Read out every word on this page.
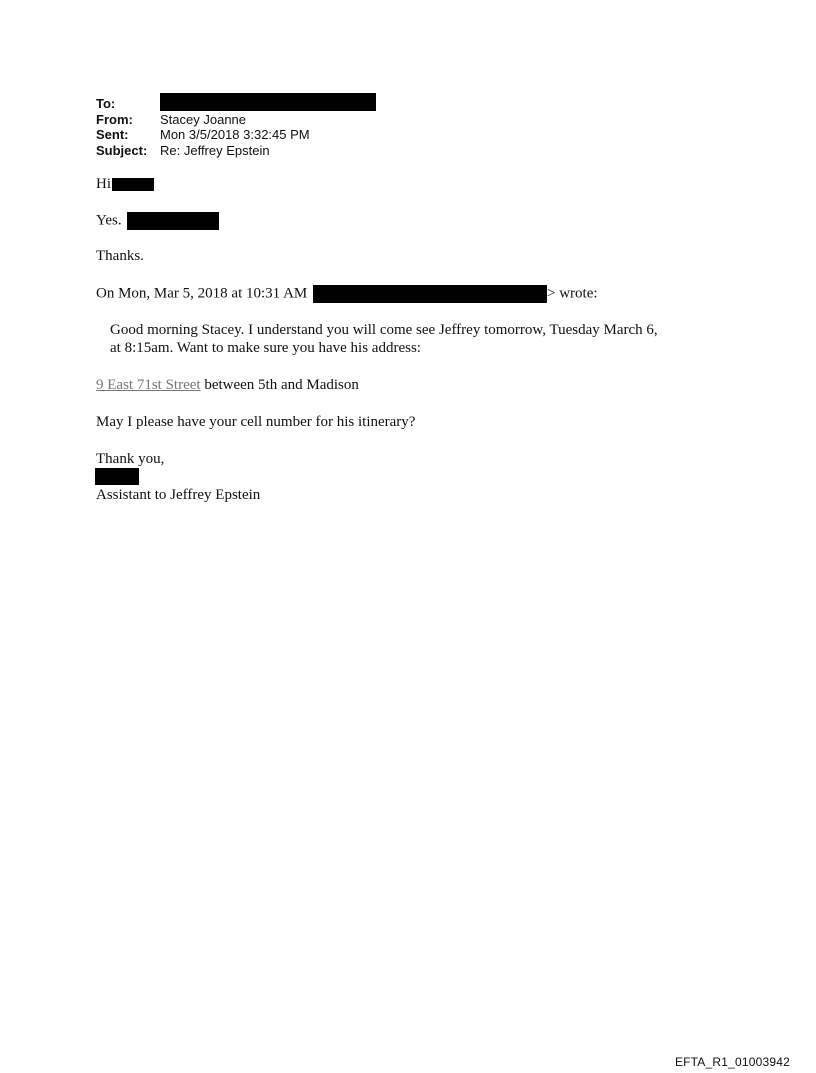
To:
From:	Stacey Joanne
Sent:	Mon 3/5/2018 3:32:45 PM
Subject: Re: Jeffrey Epstein
Hi
Yes.
Thanks.
On Mon, Mar 5, 2018 at 10:31 AM	> wrote:
Good morning Stacey. I understand you will come see Jeffrey tomorrow, Tuesday March 6,
at 8:15am. Want to make sure you have his address:
9 East 71st Street between 5th and Madison
May I please have your cell number for his itinerary?
Thank you,
Assistant to Jeffrey Epstein
EFTA_R1_01003942
